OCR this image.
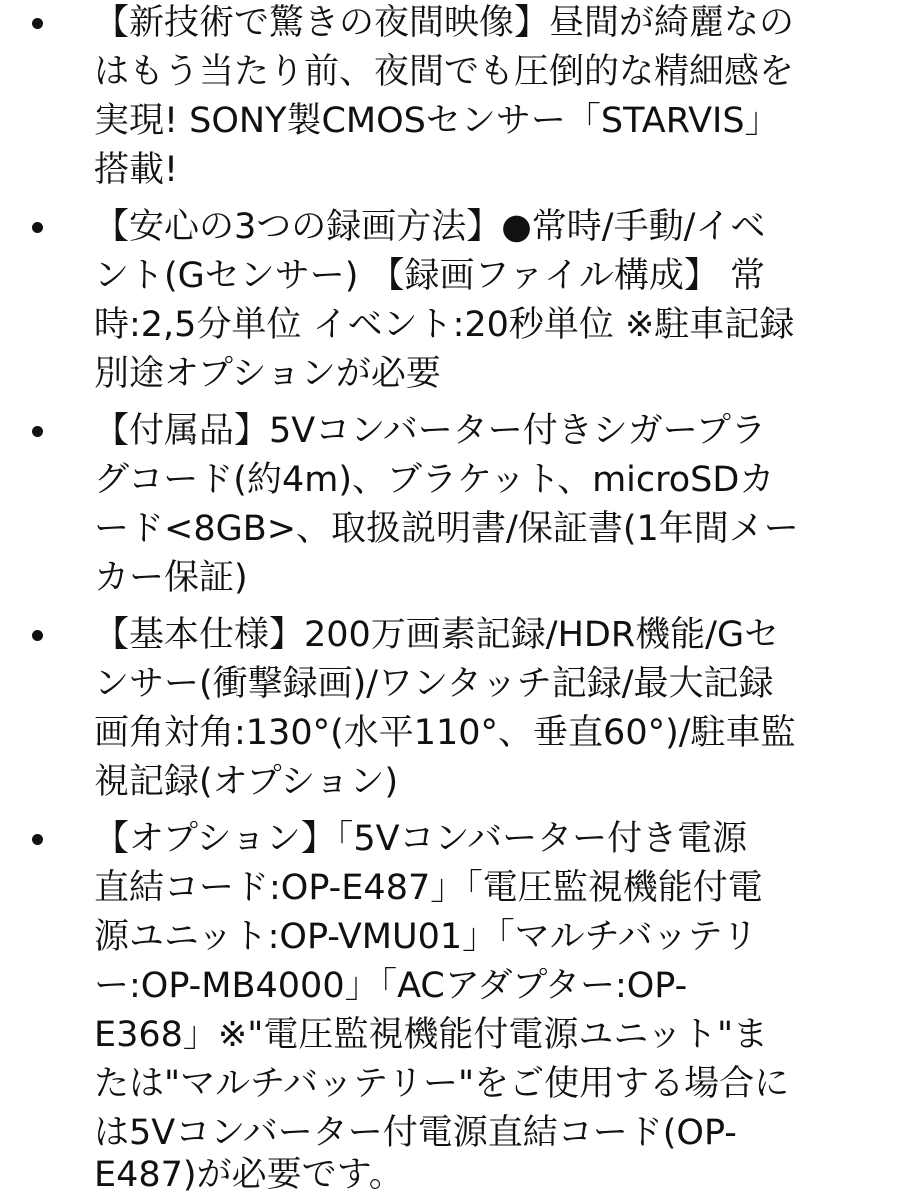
【新技術で驚きの夜間映像】昼間が綺麗なの
はもう当たり前、夜間でも圧倒的な精細感を
実現! SONY製CMOSセンサー「STARVIS」
搭載!
【安心の3つの録画方法】●常時/手動/イベ
ント(Gセンサー) 【録画ファイル構成】 常
時:2,5分単位 イベント:20秒単位 ※駐車記録
別途オプションが必要
【付属品】5Vコンバーター付きシガープラ
グコード(約4m)、ブラケット、microSDカ
ード<8GB>、取扱説明書/保証書(1年間メー
カー保証)
【基本仕様】200万画素記録/HDR機能/Gセ
ンサー(衝撃録画)/ワンタッチ記録/最大記録
画角対角:130°(水平110°、垂直60°)/駐車監
視記録(オプション)
【オプション】「5Vコンバーター付き電源
直結コード:OP-E487」「電圧監視機能付電
源ユニット:OP-VMU01」「マルチバッテリ
ー:OP-MB4000」「ACアダプター:OP-
E368」※"電圧監視機能付電源ユニット"ま
たは"マルチバッテリー"をご使用する場合に
は5Vコンバーター付電源直結コード(OP-
E487)が必要です。
